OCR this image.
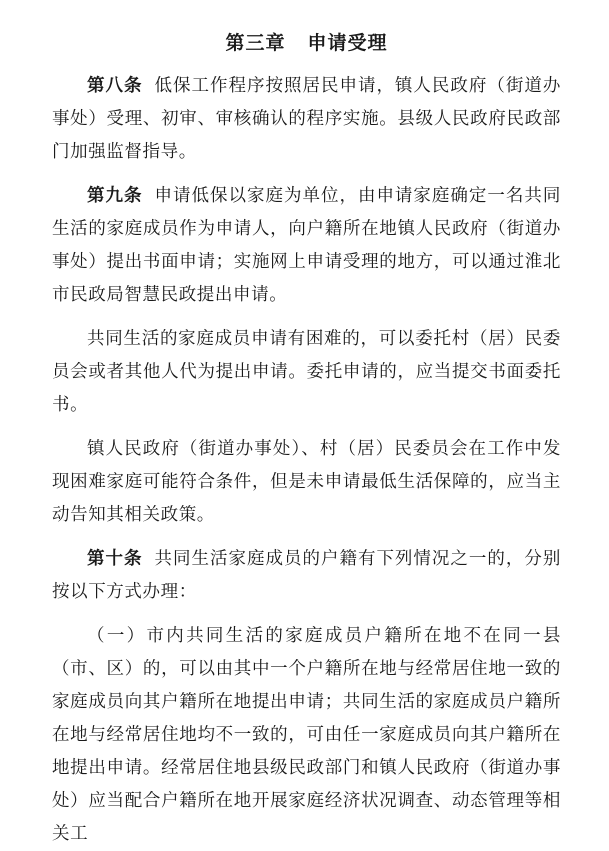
第三章 申请受理

第八条 低保工作程序按照居民申请，镇人民政府（街道办事处）受理、初审、审核确认的程序实施。县级人民政府民政部门加强监督指导。

第九条 申请低保以家庭为单位，由申请家庭确定一名共同生活的家庭成员作为申请人，向户籍所在地镇人民政府（街道办事处）提出书面申请；实施网上申请受理的地方，可以通过淮北市民政局智慧民政提出申请。

共同生活的家庭成员申请有困难的，可以委托村（居）民委员会或者其他人代为提出申请。委托申请的，应当提交书面委托书。

镇人民政府（街道办事处）、村（居）民委员会在工作中发现困难家庭可能符合条件，但是未申请最低生活保障的，应当主动告知其相关政策。

第十条 共同生活家庭成员的户籍有下列情况之一的，分别按以下方式办理：

（一）市内共同生活的家庭成员户籍所在地不在同一县（市、区）的，可以由其中一个户籍所在地与经常居住地一致的家庭成员向其户籍所在地提出申请；共同生活的家庭成员户籍所在地与经常居住地均不一致的，可由任一家庭成员向其户籍所在地提出申请。经常居住地县级民政部门和镇人民政府（街道办事处）应当配合户籍所在地开展家庭经济状况调查、动态管理等相关工
